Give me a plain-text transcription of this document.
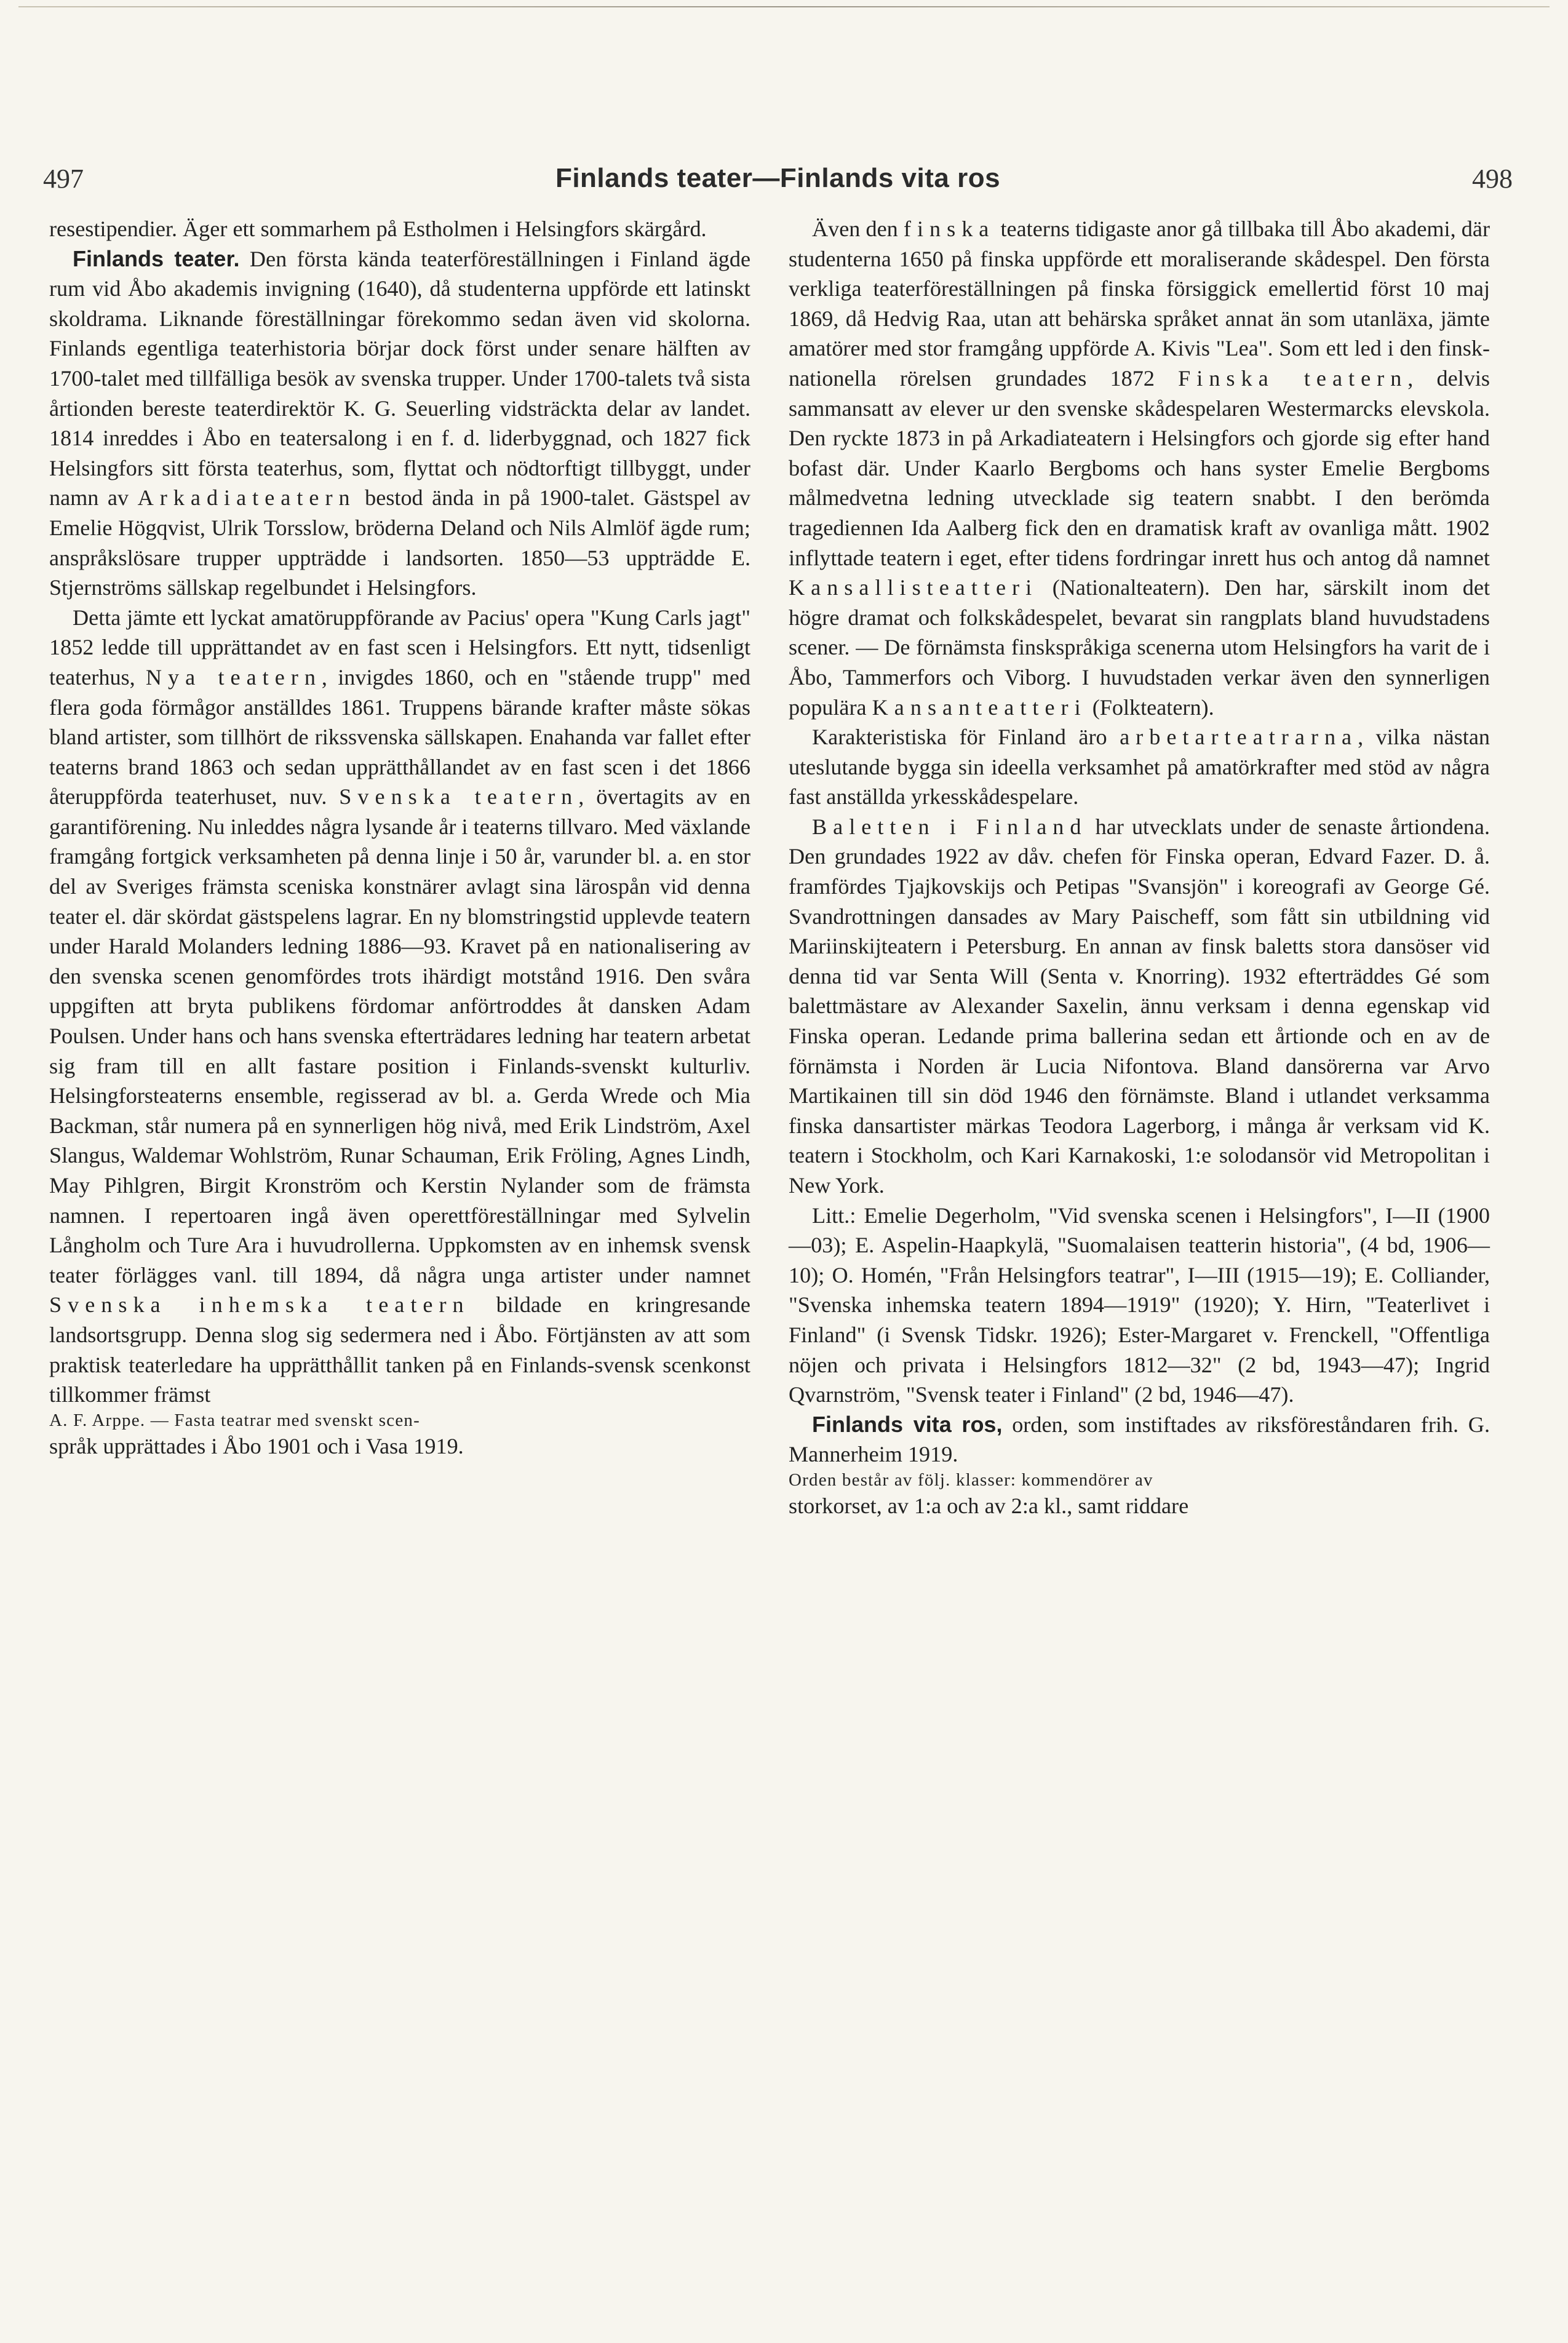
497	Finlands teater—Finlands vita ros	498

resestipendier. Äger ett sommarhem på Estholmen i Helsingfors skärgård.

Finlands teater. Den första kända teaterföreställningen i Finland ägde rum vid Åbo akademis invigning (1640), då studenterna uppförde ett latinskt skoldrama. Liknande föreställningar förekommo sedan även vid skolorna. Finlands egentliga teaterhistoria börjar dock först under senare hälften av 1700-talet med tillfälliga besök av svenska trupper. Under 1700-talets två sista årtionden bereste teaterdirektör K. G. Seuerling vidsträckta delar av landet. 1814 inreddes i Åbo en teatersalong i en f. d. liderbyggnad, och 1827 fick Helsingfors sitt första teaterhus, som, flyttat och nödtorftigt tillbyggt, under namn av Arkadiateatern bestod ända in på 1900-talet. Gästspel av Emelie Högqvist, Ulrik Torsslow, bröderna Deland och Nils Almlöf ägde rum; anspråkslösare trupper uppträdde i landsorten. 1850—53 uppträdde E. Stjernströms sällskap regelbundet i Helsingfors.

Detta jämte ett lyckat amatöruppförande av Pacius' opera "Kung Carls jagt" 1852 ledde till upprättandet av en fast scen i Helsingfors. Ett nytt, tidsenligt teaterhus, Nya teatern, invigdes 1860, och en "stående trupp" med flera goda förmågor anställdes 1861. Truppens bärande krafter måste sökas bland artister, som tillhört de rikssvenska sällskapen. Enahanda var fallet efter teaterns brand 1863 och sedan upprätthållandet av en fast scen i det 1866 återuppförda teaterhuset, nuv. Svenska teatern, övertagits av en garantiförening. Nu inleddes några lysande år i teaterns tillvaro. Med växlande framgång fortgick verksamheten på denna linje i 50 år, varunder bl. a. en stor del av Sveriges främsta sceniska konstnärer avlagt sina lärospån vid denna teater el. där skördat gästspelens lagrar. En ny blomstringstid upplevde teatern under Harald Molanders ledning 1886—93. Kravet på en nationalisering av den svenska scenen genomfördes trots ihärdigt motstånd 1916. Den svåra uppgiften att bryta publikens fördomar anförtroddes åt dansken Adam Poulsen. Under hans och hans svenska efterträdares ledning har teatern arbetat sig fram till en allt fastare position i Finlands-svenskt kulturliv. Helsingforsteaterns ensemble, regisserad av bl. a. Gerda Wrede och Mia Backman, står numera på en synnerligen hög nivå, med Erik Lindström, Axel Slangus, Waldemar Wohlström, Runar Schauman, Erik Fröling, Agnes Lindh, May Pihlgren, Birgit Kronström och Kerstin Nylander som de främsta namnen. I repertoaren ingå även operettföreställningar med Sylvelin Långholm och Ture Ara i huvudrollerna. Uppkomsten av en inhemsk svensk teater förlägges vanl. till 1894, då några unga artister under namnet Svenska inhemska teatern bildade en kringresande landsortsgrupp. Denna slog sig sedermera ned i Åbo. Förtjänsten av att som praktisk teaterledare ha upprätthållit tanken på en Finlands-svensk scenkonst tillkommer främst

A. F. Arppe. — Fasta teatrar med svenskt scen-

språk upprättades i Åbo 1901 och i Vasa 1919.

Även den finska teaterns tidigaste anor gå tillbaka till Åbo akademi, där studenterna 1650 på finska uppförde ett moraliserande skådespel. Den första verkliga teaterföreställningen på finska försiggick emellertid först 10 maj 1869, då Hedvig Raa, utan att behärska språket annat än som utanläxa, jämte amatörer med stor framgång uppförde A. Kivis "Lea". Som ett led i den finsk-nationella rörelsen grundades 1872 Finska teatern, delvis sammansatt av elever ur den svenske skådespelaren Westermarcks elevskola. Den ryckte 1873 in på Arkadiateatern i Helsingfors och gjorde sig efter hand bofast där. Under Kaarlo Bergboms och hans syster Emelie Bergboms målmedvetna ledning utvecklade sig teatern snabbt. I den berömda tragediennen Ida Aalberg fick den en dramatisk kraft av ovanliga mått. 1902 inflyttade teatern i eget, efter tidens fordringar inrett hus och antog då namnet Kansallisteatteri (Nationalteatern). Den har, särskilt inom det högre dramat och folkskådespelet, bevarat sin rangplats bland huvudstadens scener. — De förnämsta finskspråkiga scenerna utom Helsingfors ha varit de i Åbo, Tammerfors och Viborg. I huvudstaden verkar även den synnerligen populära Kansanteatteri (Folkteatern).

Karakteristiska för Finland äro arbetarteatrarna, vilka nästan uteslutande bygga sin ideella verksamhet på amatörkrafter med stöd av några fast anställda yrkesskådespelare.

Baletten i Finland har utvecklats under de senaste årtiondena. Den grundades 1922 av dåv. chefen för Finska operan, Edvard Fazer. D. å. framfördes Tjajkovskijs och Petipas "Svansjön" i koreografi av George Gé. Svandrottningen dansades av Mary Paischeff, som fått sin utbildning vid Mariinskijteatern i Petersburg. En annan av finsk baletts stora dansöser vid denna tid var Senta Will (Senta v. Knorring). 1932 efterträddes Gé som balettmästare av Alexander Saxelin, ännu verksam i denna egenskap vid Finska operan. Ledande prima ballerina sedan ett årtionde och en av de förnämsta i Norden är Lucia Nifontova. Bland dansörerna var Arvo Martikainen till sin död 1946 den förnämste. Bland i utlandet verksamma finska dansartister märkas Teodora Lagerborg, i många år verksam vid K. teatern i Stockholm, och Kari Karnakoski, 1:e solodansör vid Metropolitan i New York.

Litt.: Emelie Degerholm, "Vid svenska scenen i Helsingfors", I—II (1900—03); E. Aspelin-Haapkylä, "Suomalaisen teatterin historia", (4 bd, 1906—10); O. Homén, "Från Helsingfors teatrar", I—III (1915—19); E. Colliander, "Svenska inhemska teatern 1894—1919" (1920); Y. Hirn, "Teaterlivet i Finland" (i Svensk Tidskr. 1926); Ester-Margaret v. Frenckell, "Offentliga nöjen och privata i Helsingfors 1812—32" (2 bd, 1943—47); Ingrid Qvarnström, "Svensk teater i Finland" (2 bd, 1946—47).

Finlands vita ros, orden, som instiftades av riksföreståndaren frih. G. Mannerheim 1919.

Orden består av följ. klasser: kommendörer av

storkorset, av 1:a och av 2:a kl., samt riddare
